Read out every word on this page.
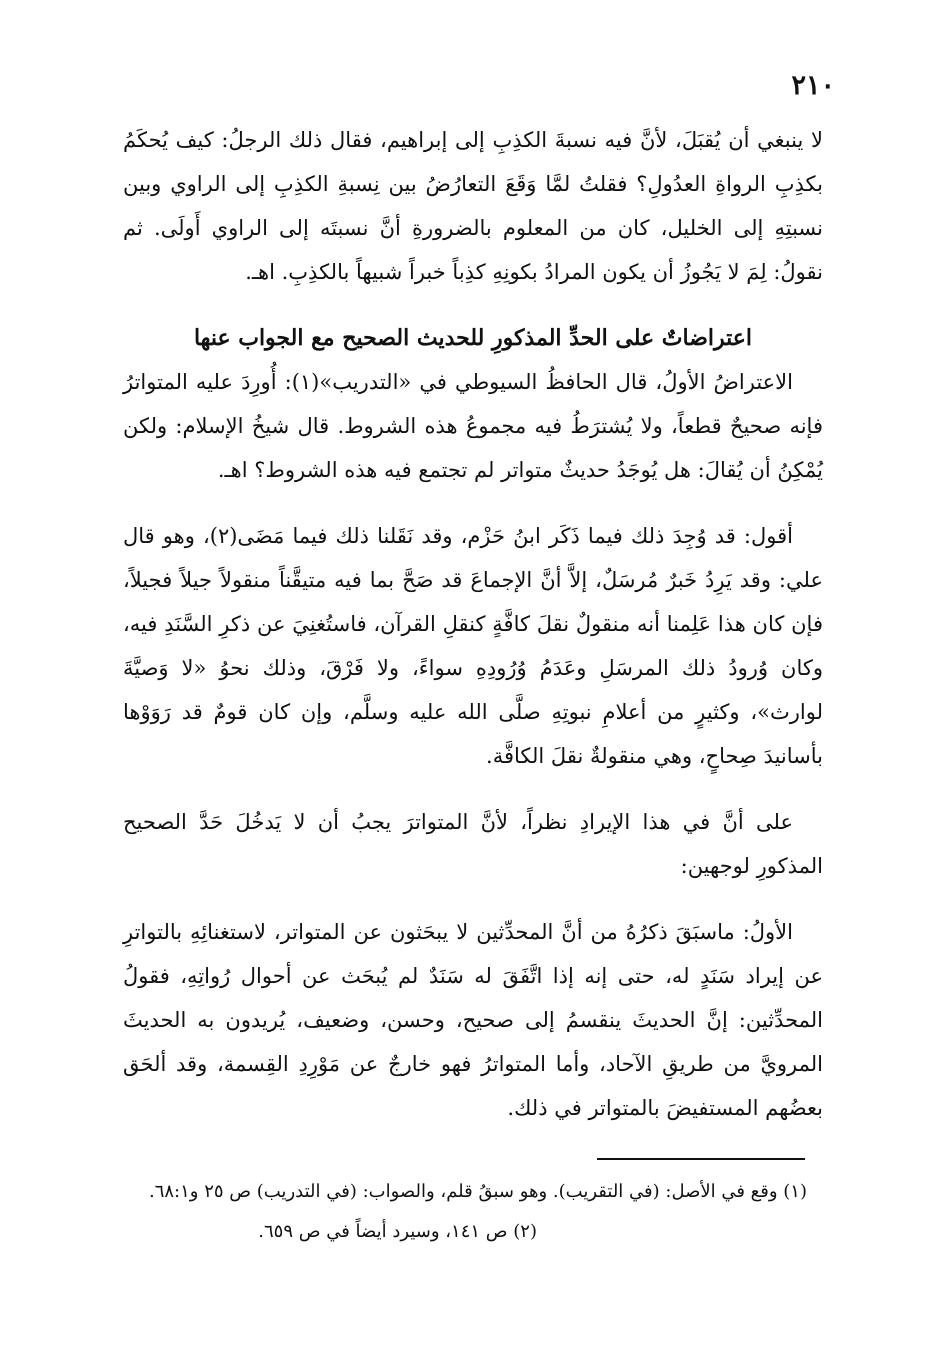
٢١٠

لا ينبغي أن يُقبَلَ، لأنَّ فيه نسبةَ الكذِبِ إلى إبراهيم، فقال ذلك الرجلُ: كيف يُحكَمُ بكذِبِ الرواةِ العدُولِ؟ فقلتُ لمَّا وَقَعَ التعارُضُ بين نِسبةِ الكذِبِ إلى الراوي وبين نسبتِهِ إلى الخليل، كان من المعلوم بالضرورةِ أنَّ نسبتَه إلى الراوي أَولَى. ثم نقولُ: لِمَ لا يَجُوزُ أن يكون المرادُ بكونِهِ كذِباً خبراً شبيهاً بالكذِبِ. اهـ.

اعتراضاتٌ على الحدِّ المذكورِ للحديث الصحيح مع الجواب عنها

الاعتراضُ الأولُ، قال الحافظُ السيوطي في «التدريب»(١): أُورِدَ عليه المتواترُ فإنه صحيحٌ قطعاً، ولا يُشترَطُ فيه مجموعُ هذه الشروط. قال شيخُ الإسلام: ولكن يُمْكِنُ أن يُقالَ: هل يُوجَدُ حديثٌ متواتر لم تجتمع فيه هذه الشروط؟ اهـ.

أقول: قد وُجِدَ ذلك فيما ذَكَر ابنُ حَزْم، وقد نَقَلنا ذلك فيما مَضَى(٢)، وهو قال علي: وقد يَرِدُ خَبرٌ مُرسَلٌ، إلاَّ أنَّ الإجماعَ قد صَحَّ بما فيه متيقَّناً منقولاً جيلاً فجيلاً، فإن كان هذا عَلِمنا أنه منقولٌ نقلَ كافَّةٍ كنقلِ القرآن، فاستُغنِيَ عن ذكرِ السَّنَدِ فيه، وكان وُرودُ ذلك المرسَلِ وعَدَمُ وُرُودِهِ سواءً، ولا فَرْقَ، وذلك نحوُ «لا وَصيَّةَ لوارث»، وكثيرٍ من أعلامِ نبوتِهِ صلَّى الله عليه وسلَّم، وإن كان قومٌ قد رَوَوْها بأسانيدَ صِحاحٍ، وهي منقولةٌ نقلَ الكافَّة.

على أنَّ في هذا الإيرادِ نظراً، لأنَّ المتواترَ يجبُ أن لا يَدخُلَ حَدَّ الصحيح المذكورِ لوجهين:

الأولُ: ماسبَقَ ذكرُهُ من أنَّ المحدِّثين لا يبحَثون عن المتواتر، لاستغنائِهِ بالتواترِ عن إيراد سَنَدٍ له، حتى إنه إذا اتَّفَقَ له سَنَدٌ لم يُبحَث عن أحوال رُواتِهِ، فقولُ المحدِّثين: إنَّ الحديثَ ينقسمُ إلى صحيح، وحسن، وضعيف، يُريدون به الحديثَ المرويَّ من طريقِ الآحاد، وأما المتواترُ فهو خارجٌ عن مَوْرِدِ القِسمة، وقد ألحَق بعضُهم المستفيضَ بالمتواتر في ذلك.

(١) وقع في الأصل: (في التقريب). وهو سبقُ قلم، والصواب: (في التدريب) ص ٢٥ و٦٨:١.

(٢) ص ١٤١، وسيرد أيضاً في ص ٦٥٩.
